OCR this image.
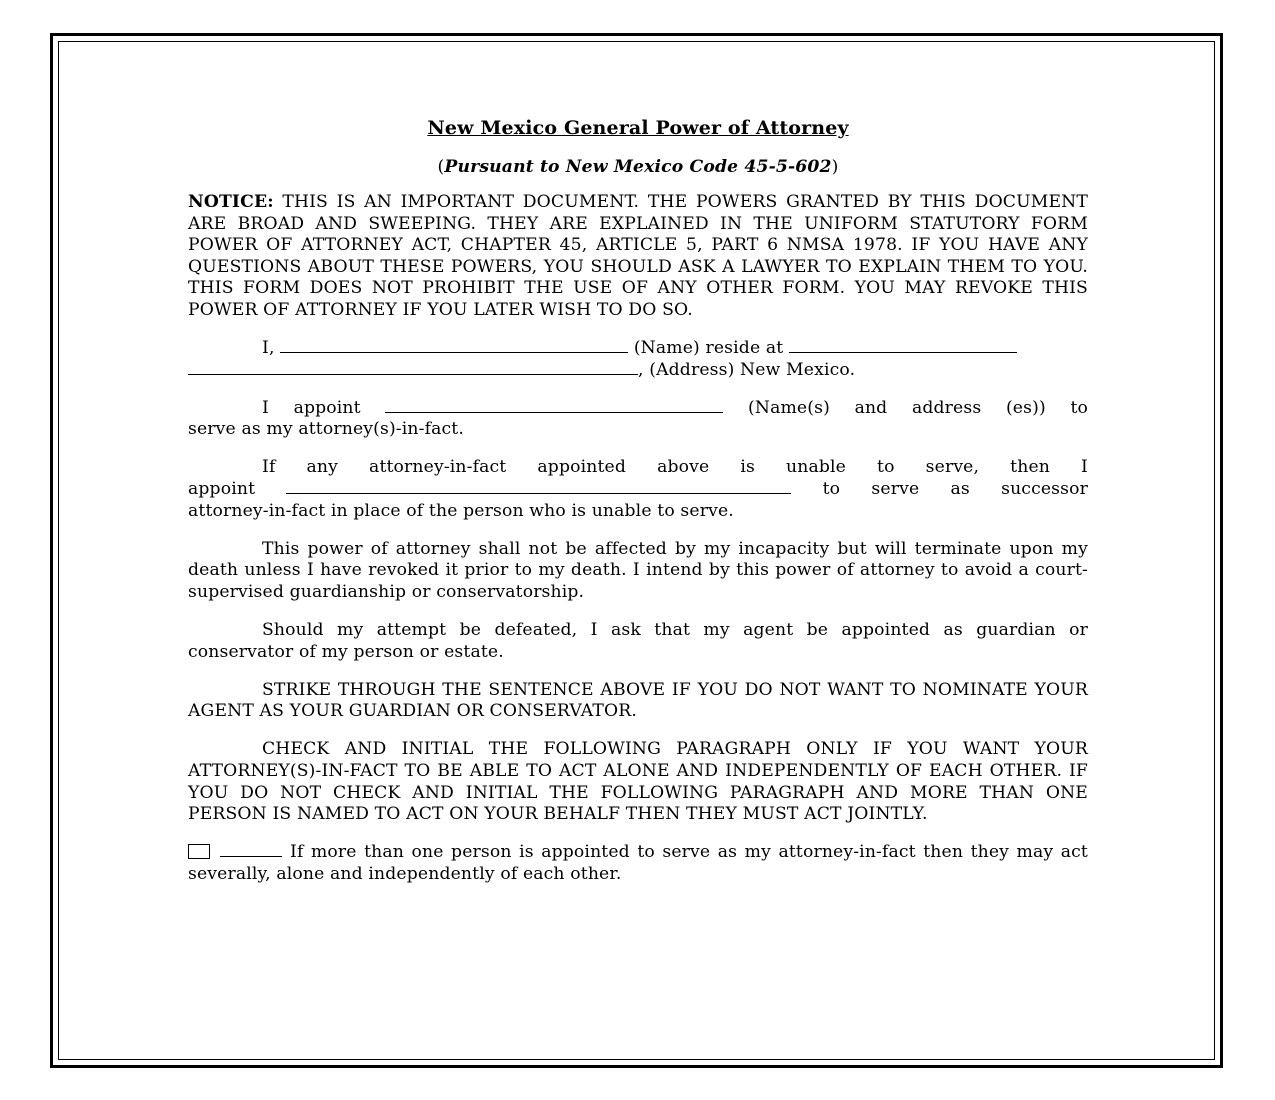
New Mexico General Power of Attorney
(Pursuant to New Mexico Code 45-5-602)

NOTICE: THIS IS AN IMPORTANT DOCUMENT. THE POWERS GRANTED BY THIS DOCUMENT ARE BROAD AND SWEEPING. THEY ARE EXPLAINED IN THE UNIFORM STATUTORY FORM POWER OF ATTORNEY ACT, CHAPTER 45, ARTICLE 5, PART 6 NMSA 1978. IF YOU HAVE ANY QUESTIONS ABOUT THESE POWERS, YOU SHOULD ASK A LAWYER TO EXPLAIN THEM TO YOU. THIS FORM DOES NOT PROHIBIT THE USE OF ANY OTHER FORM. YOU MAY REVOKE THIS POWER OF ATTORNEY IF YOU LATER WISH TO DO SO.

I,	(Name) reside at
, (Address) New Mexico.

I appoint	(Name(s) and address (es)) to
serve as my attorney(s)-in-fact.

If any attorney-in-fact appointed above is unable to serve, then I
appoint	to serve as successor
attorney-in-fact in place of the person who is unable to serve.

This power of attorney shall not be affected by my incapacity but will terminate upon my death unless I have revoked it prior to my death. I intend by this power of attorney to avoid a court-supervised guardianship or conservatorship.

Should my attempt be defeated, I ask that my agent be appointed as guardian or conservator of my person or estate.

STRIKE THROUGH THE SENTENCE ABOVE IF YOU DO NOT WANT TO NOMINATE YOUR AGENT AS YOUR GUARDIAN OR CONSERVATOR.

CHECK AND INITIAL THE FOLLOWING PARAGRAPH ONLY IF YOU WANT YOUR ATTORNEY(S)-IN-FACT TO BE ABLE TO ACT ALONE AND INDEPENDENTLY OF EACH OTHER. IF YOU DO NOT CHECK AND INITIAL THE FOLLOWING PARAGRAPH AND MORE THAN ONE PERSON IS NAMED TO ACT ON YOUR BEHALF THEN THEY MUST ACT JOINTLY.

If more than one person is appointed to serve as my attorney-in-fact then they may act severally, alone and independently of each other.
